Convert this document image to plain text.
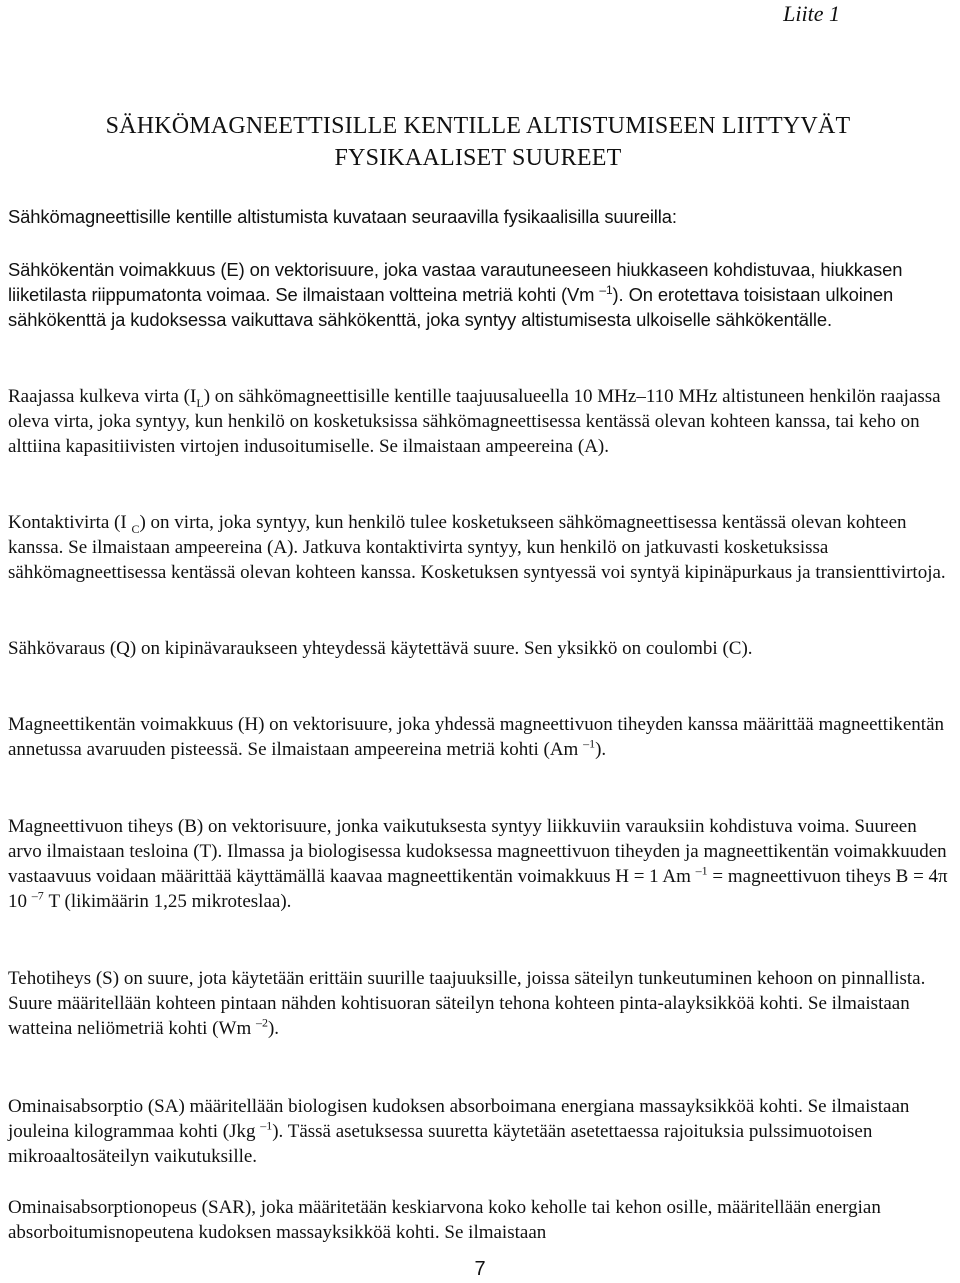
Liite 1
SÄHKÖMAGNEETTISILLE KENTILLE ALTISTUMISEEN LIITTYVÄT
FYSIKAALISET SUUREET

Sähkömagneettisille kentille altistumista kuvataan seuraavilla fysikaalisilla suureilla:

Sähkökentän voimakkuus (E) on vektorisuure, joka vastaa varautuneeseen hiukkaseen kohdistuvaa, hiukkasen liiketilasta riippumatonta voimaa. Se ilmaistaan voltteina metriä kohti (Vm $^{-1}$). On erotettava toisistaan ulkoinen sähkökenttä ja kudoksessa vaikuttava sähkökenttä, joka syntyy altistumisesta ulkoiselle sähkökentälle.

Raajassa kulkeva virta $(I_L)$ on sähkömagneettisille kentille taajuusalueella 10 MHz–110 MHz altistuneen henkilön raajassa oleva virta, joka syntyy, kun henkilö on kosketuksissa sähkömagneettisessa kentässä olevan kohteen kanssa, tai keho on alttiina kapasitiivisten virtojen indusoitumiselle. Se ilmaistaan ampeereina (A).

Kontaktivirta (I $_C$) on virta, joka syntyy, kun henkilö tulee kosketukseen sähkömagneettisessa kentässä olevan kohteen kanssa. Se ilmaistaan ampeereina (A). Jatkuva kontaktivirta syntyy, kun henkilö on jatkuvasti kosketuksissa sähkömagneettisessa kentässä olevan kohteen kanssa. Kosketuksen syntyessä voi syntyä kipinäpurkaus ja transienttivirtoja.

Sähkövaraus (Q) on kipinävaraukseen yhteydessä käytettävä suure. Sen yksikkö on coulombi (C).

Magneettikentän voimakkuus (H) on vektorisuure, joka yhdessä magneettivuon tiheyden kanssa määrittää magneettikentän annetussa avaruuden pisteessä. Se ilmaistaan ampeereina metriä kohti (Am $^{-1}$).

Magneettivuon tiheys (B) on vektorisuure, jonka vaikutuksesta syntyy liikkuviin varauksiin kohdistuva voima. Suureen arvo ilmaistaan tesloina (T). Ilmassa ja biologisessa kudoksessa magneettivuon tiheyden ja magneettikentän voimakkuuden vastaavuus voidaan määrittää käyttämällä kaavaa magneettikentän voimakkuus H = 1 Am $^{-1}$ = magneettivuon tiheys B = 4π 10 $^{-7}$ T (likimäärin 1,25 mikroteslaa).

Tehotiheys (S) on suure, jota käytetään erittäin suurille taajuuksille, joissa säteilyn tunkeutuminen kehoon on pinnallista. Suure määritellään kohteen pintaan nähden kohtisuoran säteilyn tehona kohteen pinta-alayksikköä kohti. Se ilmaistaan watteina neliömetriä kohti (Wm $^{-2}$).

Ominaisabsorptio (SA) määritellään biologisen kudoksen absorboimana energiana massayksikköä kohti. Se ilmaistaan jouleina kilogrammaa kohti (Jkg $^{-1}$). Tässä asetuksessa suuretta käytetään asetettaessa rajoituksia pulssimuotoisen mikroaaltosäteilyn vaikutuksille.

Ominaisabsorptionopeus (SAR), joka määritetään keskiarvona koko keholle tai kehon osille, määritellään energian absorboitumisnopeutena kudoksen massayksikköä kohti. Se ilmaistaan

7
